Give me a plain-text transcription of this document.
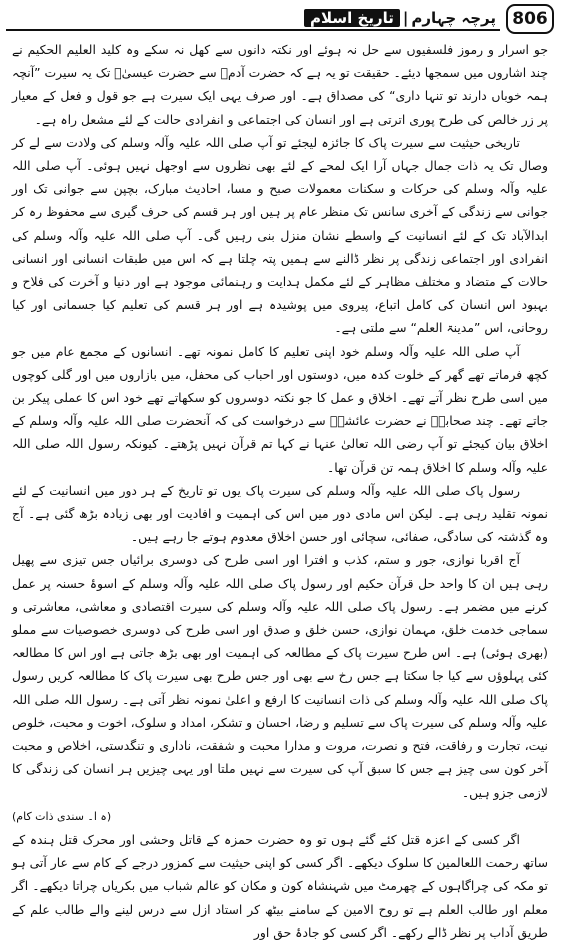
پرچہ چہارم|تاریخ اسلام	806

جو اسرار و رموز فلسفیوں سے حل نہ ہوئے اور نکتہ دانوں سے کھل نہ سکے وہ کلید العلیم الحکیم نے چند اشاروں میں سمجھا دیئے۔ حقیقت تو یہ ہے کہ حضرت آدمؑ سے حضرت عیسیٰؑ تک یہ سیرت ”آنچہ ہمہ خوباں دارند تو تنہا داری“ کی مصداق ہے۔ اور صرف یہی ایک سیرت ہے جو قول و فعل کے معیار پر زر خالص کی طرح پوری اترتی ہے اور انسان کی اجتماعی و انفرادی حالت کے لئے مشعل راہ ہے۔

تاریخی حیثیت سے سیرت پاک کا جائزہ لیجئے تو آپ صلی اللہ علیہ وآلہ وسلم کی ولادت سے لے کر وصال تک یہ ذات جمال جہاں آرا ایک لمحے کے لئے بھی نظروں سے اوجھل نہیں ہوئی۔ آپ صلی اللہ علیہ وآلہ وسلم کی حرکات و سکنات معمولات صبح و مسا، احادیث مبارک، بچپن سے جوانی تک اور جوانی سے زندگی کے آخری سانس تک منظر عام پر ہیں اور ہر قسم کی حرف گیری سے محفوظ رہ کر ابدالآباد تک کے لئے انسانیت کے واسطے نشان منزل بنی رہیں گی۔ آپ صلی اللہ علیہ وآلہ وسلم کی انفرادی اور اجتماعی زندگی پر نظر ڈالنے سے ہمیں پتہ چلتا ہے کہ اس میں طبقات انسانی اور انسانی حالات کے متضاد و مختلف مظاہر کے لئے مکمل ہدایت و رہنمائی موجود ہے اور دنیا و آخرت کی فلاح و بہبود اس انسان کی کامل اتباع، پیروی میں پوشیدہ ہے اور ہر قسم کی تعلیم کیا جسمانی اور کیا روحانی، اس ”مدینۃ العلم“ سے ملتی ہے۔

آپ صلی اللہ علیہ وآلہ وسلم خود اپنی تعلیم کا کامل نمونہ تھے۔ انسانوں کے مجمع عام میں جو کچھ فرماتے تھے گھر کے خلوت کدہ میں، دوستوں اور احباب کی محفل، میں بازاروں میں اور گلی کوچوں میں اسی طرح نظر آتے تھے۔ اخلاق و عمل کا جو نکتہ دوسروں کو سکھاتے تھے خود اس کا عملی پیکر بن جاتے تھے۔ چند صحابہؓ نے حضرت عائشہؓ سے درخواست کی کہ آنحضرت صلی اللہ علیہ وآلہ وسلم کے اخلاق بیان کیجئے تو آپ رضی اللہ تعالیٰ عنہا نے کہا تم قرآن نہیں پڑھتے۔ کیونکہ رسول اللہ صلی اللہ علیہ وآلہ وسلم کا اخلاق ہمہ تن قرآن تھا۔

رسول پاک صلی اللہ علیہ وآلہ وسلم کی سیرت پاک یوں تو تاریخ کے ہر دور میں انسانیت کے لئے نمونہ تقلید رہی ہے۔ لیکن اس مادی دور میں اس کی اہمیت و افادیت اور بھی زیادہ بڑھ گئی ہے۔ آج وہ گذشتہ کی سادگی، صفائی، سچائی اور حسن اخلاق معدوم ہوتے جا رہے ہیں۔

آج اقربا نوازی، جور و ستم، کذب و افترا اور اسی طرح کی دوسری برائیاں جس تیزی سے پھیل رہی ہیں ان کا واحد حل قرآن حکیم اور رسول پاک صلی اللہ علیہ وآلہ وسلم کے اسوۂ حسنہ پر عمل کرنے میں مضمر ہے۔ رسول پاک صلی اللہ علیہ وآلہ وسلم کی سیرت اقتصادی و معاشی، معاشرتی و سماجی خدمت خلق، مہمان نوازی، حسن خلق و صدق اور اسی طرح کی دوسری خصوصیات سے مملو (بھری ہوئی) ہے۔ اس طرح سیرت پاک کے مطالعہ کی اہمیت اور بھی بڑھ جاتی ہے اور اس کا مطالعہ کئی پہلوؤں سے کیا جا سکتا ہے جس رخ سے بھی اور جس طرح بھی سیرت پاک کا مطالعہ کریں رسول پاک صلی اللہ علیہ وآلہ وسلم کی ذات انسانیت کا ارفع و اعلیٰ نمونہ نظر آتی ہے۔ رسول اللہ صلی اللہ علیہ وآلہ وسلم کی سیرت پاک سے تسلیم و رضا، احسان و تشکر، امداد و سلوک، اخوت و محبت، خلوص نیت، تجارت و رفاقت، فتح و نصرت، مروت و مدارا محبت و شفقت، ناداری و تنگدستی، اخلاص و محبت آخر کون سی چیز ہے جس کا سبق آپ کی سیرت سے نہیں ملتا اور یہی چیزیں ہر انسان کی زندگی کا لازمی جزو ہیں۔

(ہ ا۔ سندی ذات کام)

اگر کسی کے اعزہ قتل کئے گئے ہوں تو وہ حضرت حمزہ کے قاتل وحشی اور محرک قتل ہندہ کے ساتھ رحمت اللعالمین کا سلوک دیکھے۔ اگر کسی کو اپنی حیثیت سے کمزور درجے کے کام سے عار آتی ہو تو مکہ کی چراگاہوں کے چھرمٹ میں شہنشاہ کون و مکان کو عالم شباب میں بکریاں چراتا دیکھے۔ اگر معلم اور طالب العلم ہے تو روح الامین کے سامنے بیٹھ کر استاد ازل سے درس لینے والے طالب علم کے طریق آداب پر نظر ڈالے رکھے۔ اگر کسی کو جادۂ حق اور
